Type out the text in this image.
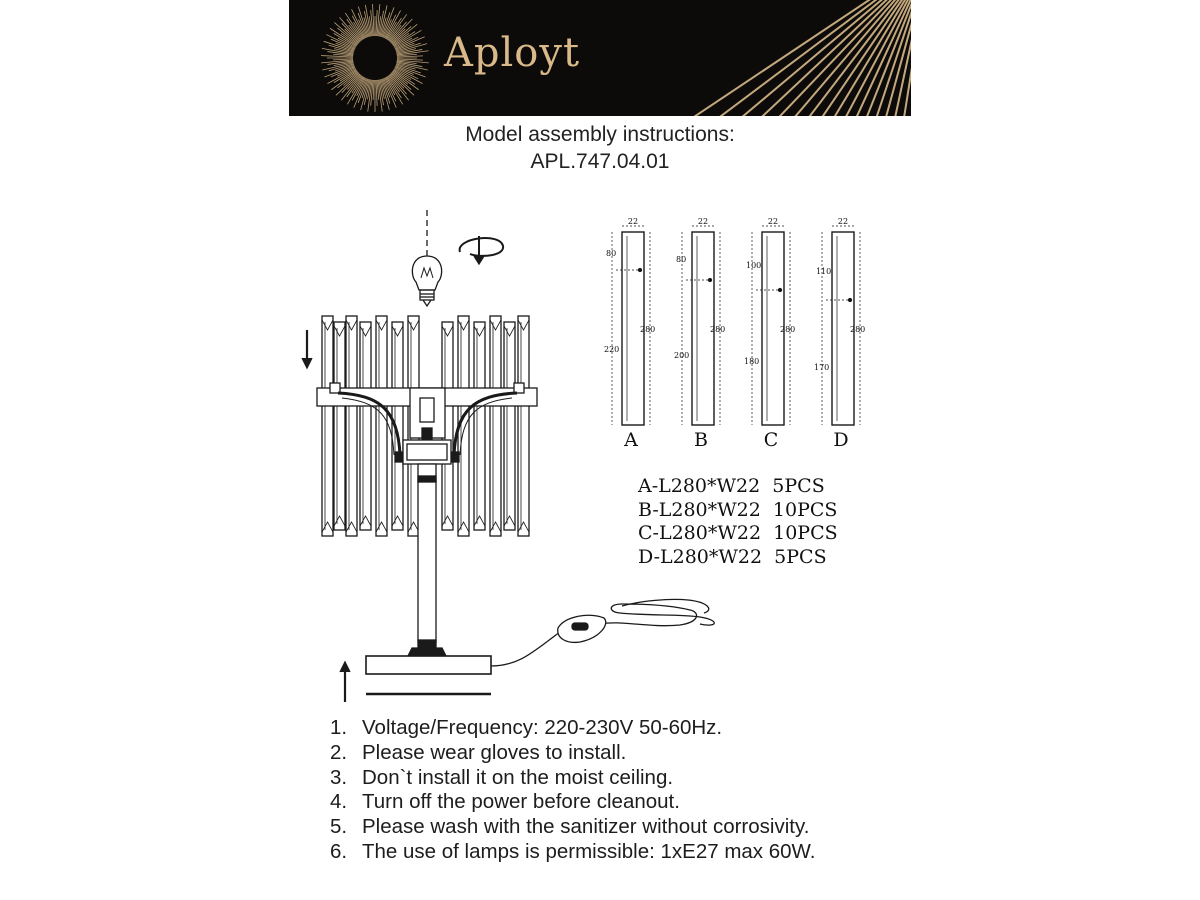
Aployt
Model assembly instructions:
APL.747.04.01
22
80
220
280
A
22
80
200
280
B
22
100
180
280
C
22
110
170
280
D
A-L280*W22  5PCS
B-L280*W22  10PCS
C-L280*W22  10PCS
D-L280*W22  5PCS
1. Voltage/Frequency: 220-230V 50-60Hz.
2. Please wear gloves to install.
3. Don`t install it on the moist ceiling.
4. Turn off the power before cleanout.
5. Please wash with the sanitizer without corrosivity.
6. The use of lamps is permissible: 1xE27 max 60W.
